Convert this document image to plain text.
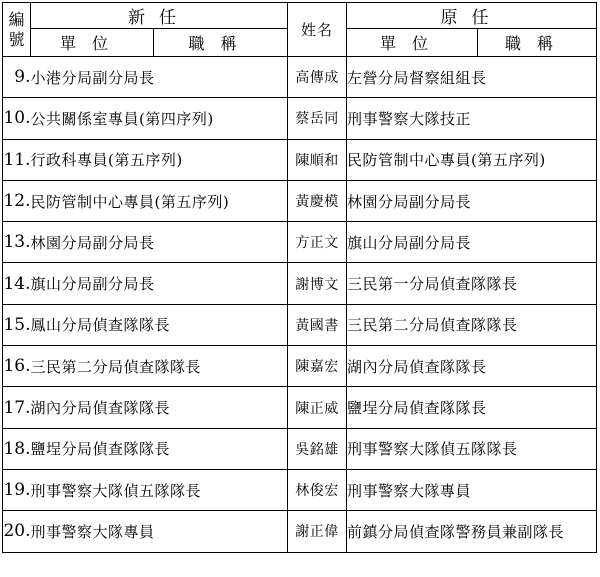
編
號	新任		姓名	原任	
	單位	職稱		單位	職稱
9.	小港分局副分局長		高傳成	左營分局督察組組長	
10.	公共關係室專員(第四序列)		蔡岳同	刑事警察大隊技正	
11.	行政科專員(第五序列)		陳順和	民防管制中心專員(第五序列)	
12.	民防管制中心專員(第五序列)		黃慶模	林園分局副分局長	
13.	林園分局副分局長		方正文	旗山分局副分局長	
14.	旗山分局副分局長		謝博文	三民第一分局偵查隊隊長	
15.	鳳山分局偵查隊隊長		黃國書	三民第二分局偵查隊隊長	
16.	三民第二分局偵查隊隊長		陳嘉宏	湖內分局偵查隊隊長	
17.	湖內分局偵查隊隊長		陳正威	鹽埕分局偵查隊隊長	
18.	鹽埕分局偵查隊隊長		吳銘雄	刑事警察大隊偵五隊隊長	
19.	刑事警察大隊偵五隊隊長		林俊宏	刑事警察大隊專員	
20.	刑事警察大隊專員		謝正偉	前鎮分局偵查隊警務員兼副隊長	
